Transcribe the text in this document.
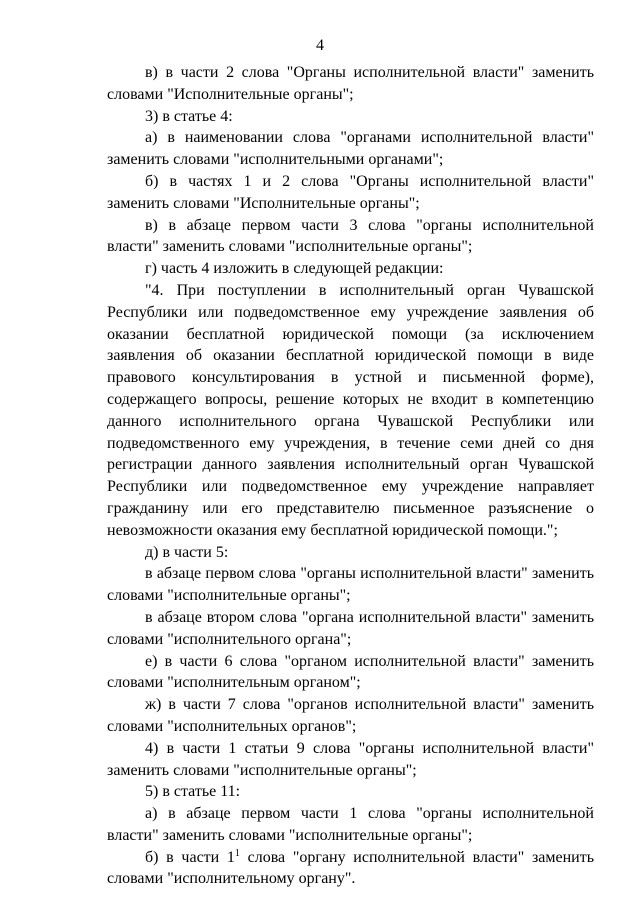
4

в) в части 2 слова "Органы исполнительной власти" заменить словами "Исполнительные органы";

3) в статье 4:

а) в наименовании слова "органами исполнительной власти" заменить словами "исполнительными органами";

б) в частях 1 и 2 слова "Органы исполнительной власти" заменить словами "Исполнительные органы";

в) в абзаце первом части 3 слова "органы исполнительной власти" заменить словами "исполнительные органы";

г) часть 4 изложить в следующей редакции:

"4. При поступлении в исполнительный орган Чувашской Республики или подведомственное ему учреждение заявления об оказании бесплатной юридической помощи (за исключением заявления об оказании бесплатной юридической помощи в виде правового консультирования в устной и письменной форме), содержащего вопросы, решение которых не входит в компетенцию данного исполнительного органа Чувашской Республики или подведомственного ему учреждения, в течение семи дней со дня регистрации данного заявления исполнительный орган Чувашской Республики или подведомственное ему учреждение направляет гражданину или его представителю письменное разъяснение о невозможности оказания ему бесплатной юридической помощи.";

д) в части 5:

в абзаце первом слова "органы исполнительной власти" заменить словами "исполнительные органы";

в абзаце втором слова "органа исполнительной власти" заменить словами "исполнительного органа";

е) в части 6 слова "органом исполнительной власти" заменить словами "исполнительным органом";

ж) в части 7 слова "органов исполнительной власти" заменить словами "исполнительных органов";

4) в части 1 статьи 9 слова "органы исполнительной власти" заменить словами "исполнительные органы";

5) в статье 11:

а) в абзаце первом части 1 слова "органы исполнительной власти" заменить словами "исполнительные органы";

б) в части $1^1$ слова "органу исполнительной власти" заменить словами "исполнительному органу".
